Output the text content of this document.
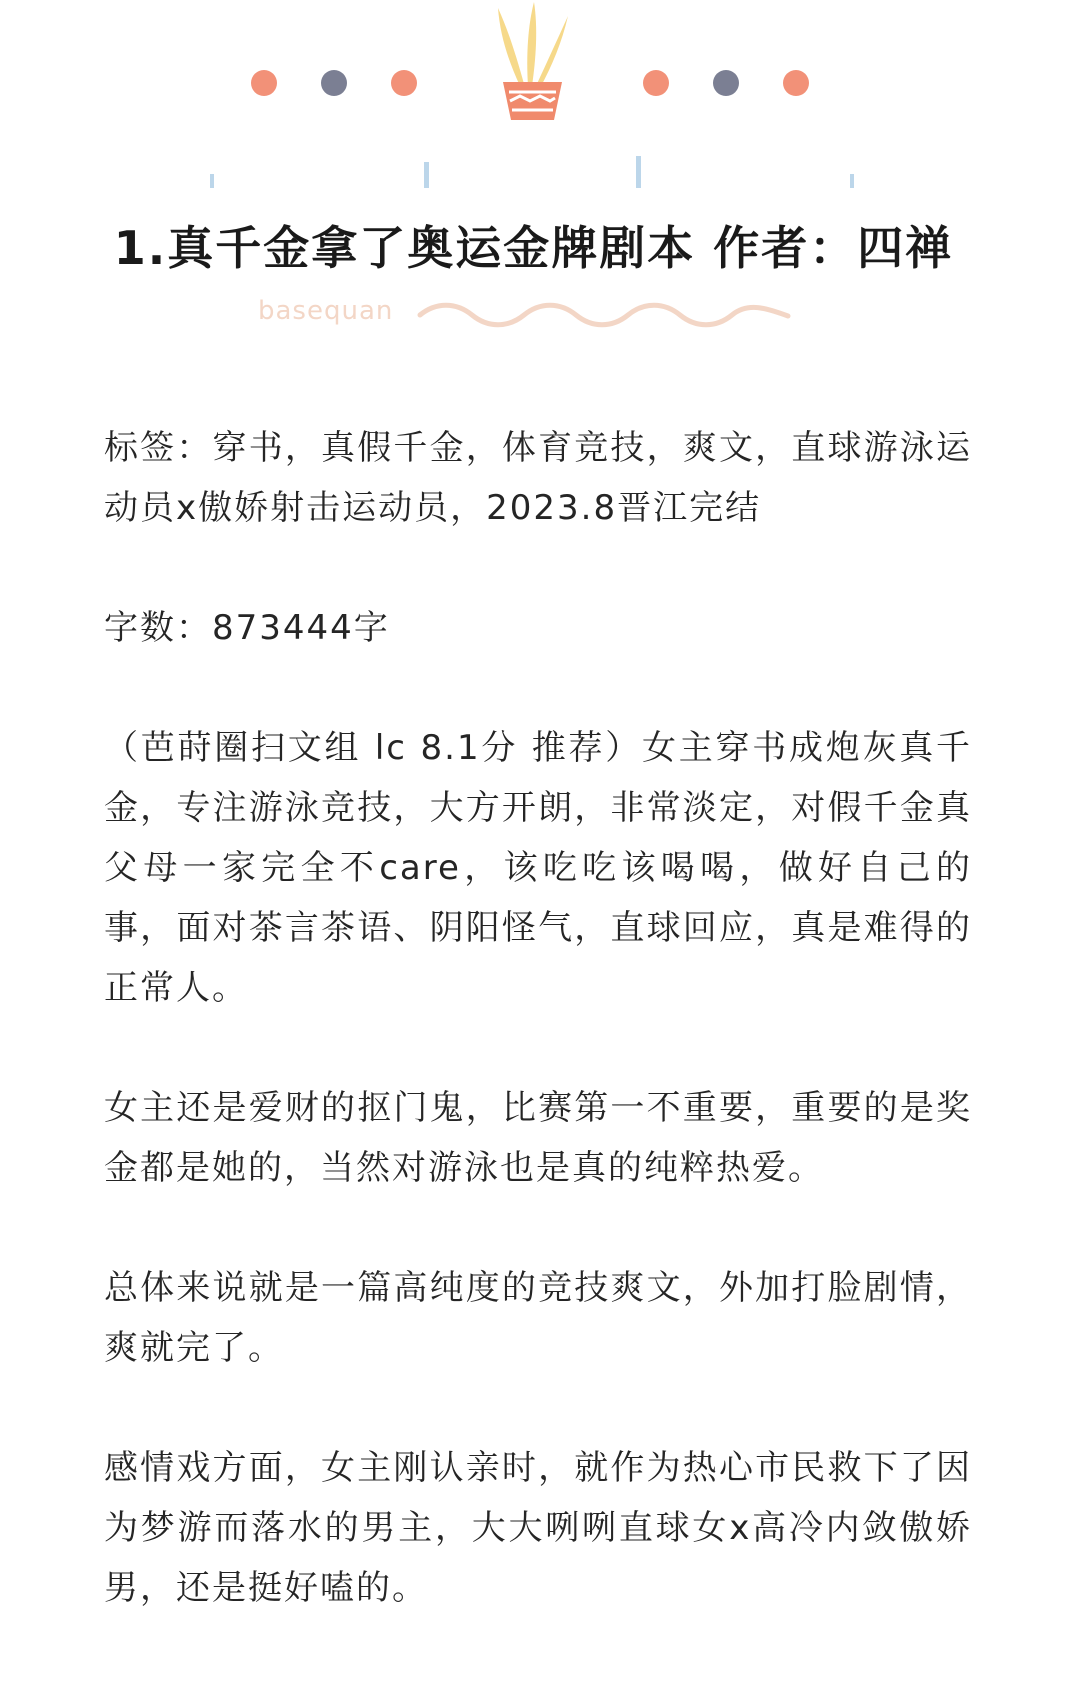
1.真千金拿了奥运金牌剧本 作者：四禅
basequan

标签：穿书，真假千金，体育竞技，爽文，直球游泳运动员x傲娇射击运动员，2023.8晋江完结

字数：873444字

（芭莳圈扫文组 lc 8.1分 推荐）女主穿书成炮灰真千金，专注游泳竞技，大方开朗，非常淡定，对假千金真父母一家完全不care，该吃吃该喝喝，做好自己的事，面对茶言茶语、阴阳怪气，直球回应，真是难得的正常人。

女主还是爱财的抠门鬼，比赛第一不重要，重要的是奖金都是她的，当然对游泳也是真的纯粹热爱。

总体来说就是一篇高纯度的竞技爽文，外加打脸剧情，爽就完了。

感情戏方面，女主刚认亲时，就作为热心市民救下了因为梦游而落水的男主，大大咧咧直球女x高冷内敛傲娇男，还是挺好嗑的。
